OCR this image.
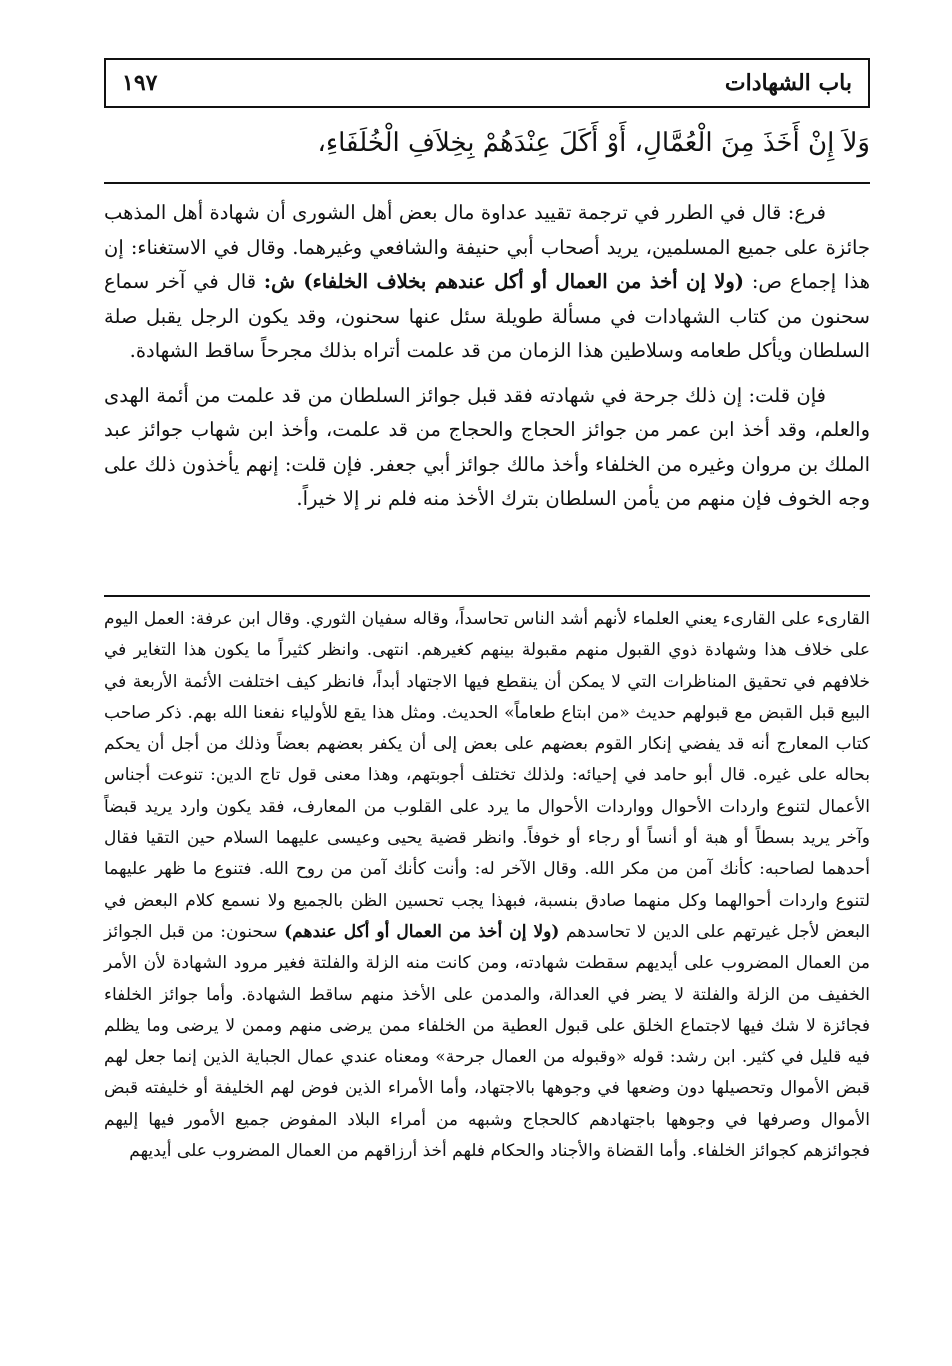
باب الشهادات
١٩٧
وَلاَ إِنْ أَخَذَ مِنَ الْعُمَّالِ، أَوْ أَكَلَ عِنْدَهُمْ بِخِلاَفِ الْخُلَفَاءِ،

فرع: قال في الطرر في ترجمة تقييد عداوة مال بعض أهل الشورى أن شهادة أهل المذهب جائزة على جميع المسلمين، يريد أصحاب أبي حنيفة والشافعي وغيرهما. وقال في الاستغناء: إن هذا إجماع ص: (ولا إن أخذ من العمال أو أكل عندهم بخلاف الخلفاء) ش: قال في آخر سماع سحنون من كتاب الشهادات في مسألة طويلة سئل عنها سحنون، وقد يكون الرجل يقبل صلة السلطان ويأكل طعامه وسلاطين هذا الزمان من قد علمت أتراه بذلك مجرحاً ساقط الشهادة.

فإن قلت: إن ذلك جرحة في شهادته فقد قبل جوائز السلطان من قد علمت من أئمة الهدى والعلم، وقد أخذ ابن عمر من جوائز الحجاج والحجاج من قد علمت، وأخذ ابن شهاب جوائز عبد الملك بن مروان وغيره من الخلفاء وأخذ مالك جوائز أبي جعفر. فإن قلت: إنهم يأخذون ذلك على وجه الخوف فإن منهم من يأمن السلطان بترك الأخذ منه فلم نر إلا خيراً.

القارىء على القارىء يعني العلماء لأنهم أشد الناس تحاسداً، وقاله سفيان الثوري. وقال ابن عرفة: العمل اليوم على خلاف هذا وشهادة ذوي القبول منهم مقبولة بينهم كغيرهم. انتهى. وانظر كثيراً ما يكون هذا التغاير في خلافهم في تحقيق المناظرات التي لا يمكن أن ينقطع فيها الاجتهاد أبداً، فانظر كيف اختلفت الأئمة الأربعة في البيع قبل القبض مع قبولهم حديث «من ابتاع طعاماً» الحديث. ومثل هذا يقع للأولياء نفعنا الله بهم. ذكر صاحب كتاب المعارج أنه قد يفضي إنكار القوم بعضهم على بعض إلى أن يكفر بعضهم بعضاً وذلك من أجل أن يحكم بحاله على غيره. قال أبو حامد في إحيائه: ولذلك تختلف أجوبتهم، وهذا معنى قول تاج الدين: تنوعت أجناس الأعمال لتنوع واردات الأحوال وواردات الأحوال ما يرد على القلوب من المعارف، فقد يكون وارد يريد قبضاً وآخر يريد بسطاً أو هبة أو أنساً أو رجاء أو خوفاً. وانظر قضية يحيى وعيسى عليهما السلام حين التقيا فقال أحدهما لصاحبه: كأنك آمن من مكر الله. وقال الآخر له: وأنت كأنك آمن من روح الله. فتنوع ما ظهر عليهما لتنوع واردات أحوالهما وكل منهما صادق بنسبة، فبهذا يجب تحسين الظن بالجميع ولا نسمع كلام البعض في البعض لأجل غيرتهم على الدين لا تحاسدهم (ولا إن أخذ من العمال أو أكل عندهم) سحنون: من قبل الجوائز من العمال المضروب على أيديهم سقطت شهادته، ومن كانت منه الزلة والفلتة فغير مرود الشهادة لأن الأمر الخفيف من الزلة والفلتة لا يضر في العدالة، والمدمن على الأخذ منهم ساقط الشهادة. وأما جوائز الخلفاء فجائزة لا شك فيها لاجتماع الخلق على قبول العطية من الخلفاء ممن يرضى منهم وممن لا يرضى وما يظلم فيه قليل في كثير. ابن رشد: قوله «وقبوله من العمال جرحة» ومعناه عندي عمال الجباية الذين إنما جعل لهم قبض الأموال وتحصيلها دون وضعها في وجوهها بالاجتهاد، وأما الأمراء الذين فوض لهم الخليفة أو خليفته قبض الأموال وصرفها في وجوهها باجتهادهم كالحجاج وشبهه من أمراء البلاد المفوض جميع الأمور فيها إليهم فجوائزهم كجوائز الخلفاء. وأما القضاة والأجناد والحكام فلهم أخذ أرزاقهم من العمال المضروب على أيديهم
